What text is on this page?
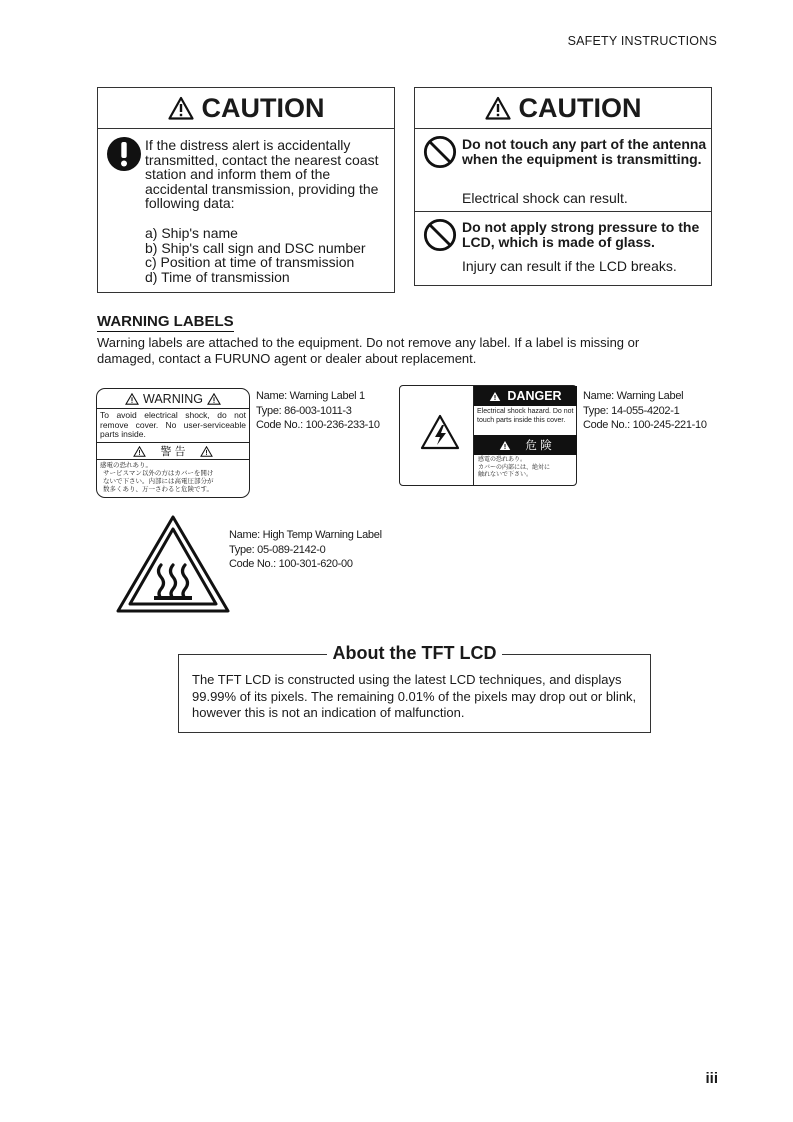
SAFETY INSTRUCTIONS
CAUTION
If the distress alert is accidentally transmitted, contact the nearest coast station and inform them of the accidental transmission, providing the following data:
a) Ship's name
b) Ship's call sign and DSC number
c) Position at time of transmission
d) Time of transmission
CAUTION
Do not touch any part of the antenna when the equipment is transmitting.
Electrical shock can result.
Do not apply strong pressure to the LCD, which is made of glass.
Injury can result if the LCD breaks.
WARNING LABELS
Warning labels are attached to the equipment. Do not remove any label. If a label is missing or damaged, contact a FURUNO agent or dealer about replacement.
WARNING
To avoid electrical shock, do not remove cover. No user-serviceable parts inside.
警 告
感電の恐れあり。
サービスマン以外の方はカバーを開け
ないで下さい。内部には高電圧部分が
数多くあり、万一さわると危険です。
Name: Warning Label 1
Type: 86-003-1011-3
Code No.: 100-236-233-10
DANGER
Electrical shock hazard. Do not touch parts inside this cover.
危 険
感電の恐れあり。
カバーの内部には、絶対に
触れないで下さい。
Name: Warning Label
Type: 14-055-4202-1
Code No.: 100-245-221-10
Name: High Temp Warning Label
Type: 05-089-2142-0
Code No.: 100-301-620-00
About the TFT LCD
The TFT LCD is constructed using the latest LCD techniques, and displays 99.99% of its pixels. The remaining 0.01% of the pixels may drop out or blink, however this is not an indication of malfunction.
iii
